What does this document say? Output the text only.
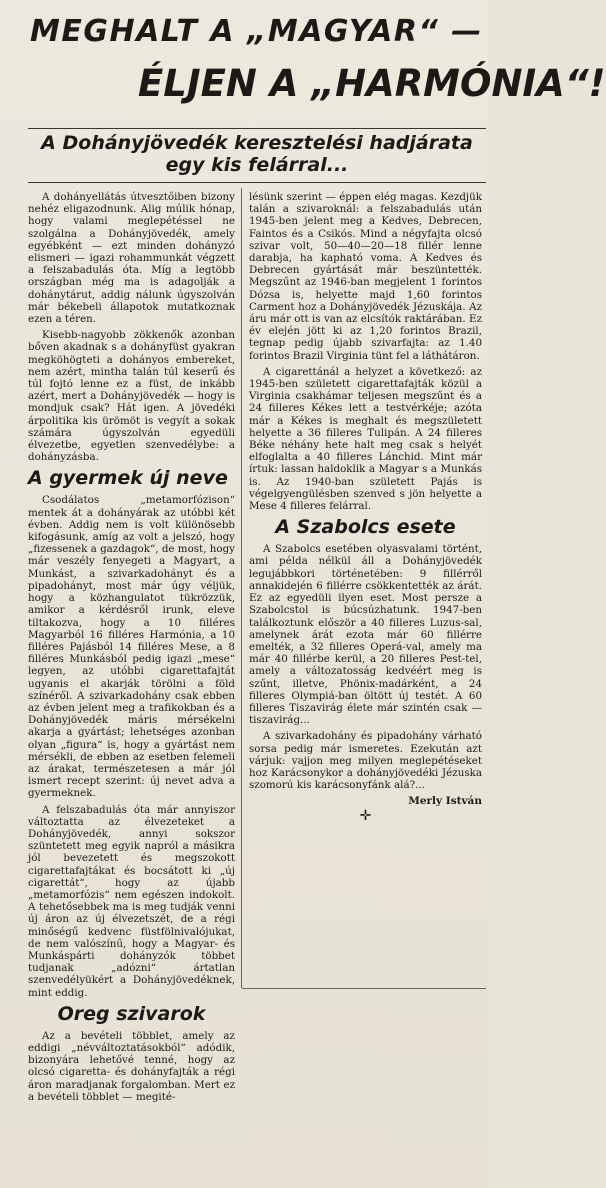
MEGHALT A „MAGYAR“ —
ÉLJEN A „HARMÓNIA“!
A Dohányjövedék keresztelési hadjárata egy kis felárral...

A dohányellátás útvesztőiben bizony nehéz eligazodnunk. Alig múlik hónap, hogy valami meglepétéssel ne szolgálna a Dohányjövedék, amely egyébként — ezt minden dohányzó elismeri — igazi rohammunkát végzett a felszabadulás óta. Míg a legtöbb országban még ma is adagolják a dohánytárut, addig nálunk úgyszolván már békebeli állapotok mutatkoznak ezen a téren.

Kisebb-nagyobb zökkenők azonban bőven akadnak s a dohányfüst gyakran megköhögteti a dohányos embereket, nem azért, mintha talán túl keserű és túl fojtó lenne ez a füst, de inkább azért, mert a Dohányjövedék — hogy is mondjuk csak? Hát igen. A jövedéki árpolitika kis ürömöt is vegyít a sokak számára úgyszolván egyedüli élvezetbe, egyetlen szenvedélybe: a dohányzásba.

A gyermek új neve

Csodálatos „metamorfózison“ mentek át a dohányárak az utóbbi két évben. Addig nem is volt különösebb kifogásunk, amíg az volt a jelszó, hogy „fizessenek a gazdagok“, de most, hogy már veszély fenyegeti a Magyart, a Munkást, a szivarkadohányt és a pipadohányt, most már úgy véljük, hogy a közhangulatot tükrözzük, amikor a kérdésről irunk, eleve tiltakozva, hogy a 10 filléres Magyarból 16 filléres Harmónia, a 10 filléres Pajásból 14 filléres Mese, a 8 filléres Munkásból pedig igazi „mese“ legyen, az utóbbi cigarettafajtát ugyanis el akarják törölni a föld színéről. A szivarkadohány csak ebben az évben jelent meg a trafikokban és a Dohányjövedék máris mérsékelni akarja a gyártást; lehetséges azonban olyan „figura“ is, hogy a gyártást nem mérsékli, de ebben az esetben felemeli az árakat, természetesen a már jól ismert recept szerint: új nevet adva a gyermeknek.

A felszabadulás óta már annyiszor változtatta az élvezeteket a Dohányjövedék, annyi sokszor szüntetett meg egyik napról a másikra jól bevezetett és megszokott cigarettafajtákat és bocsátott ki „új cigarettát“, hogy az újabb „metamorfózis“ nem egészen indokolt. A tehetősebbek ma is meg tudják venni új áron az új élvezetszét, de a régi minőségű kedvenc füstfölnivalójukat, de nem valószínű, hogy a Magyar- és Munkáspárti dohányzók többet tudjanak „adózni“ ártatlan szenvedélyükért a Dohányjövedéknek, mint eddig.

Oreg szivarok

Az a bevételi többlet, amely az eddigi „névváltoztatásokból“ adódik, bizonyára lehetővé tenné, hogy az olcsó cigaretta- és dohányfajták a régi áron maradjanak forgalomban. Mert ez a bevételi többlet — megité-

lésünk szerint — éppen elég magas. Kezdjük talán a szivaroknál: a felszabadulás után 1945-ben jelent meg a Kedves, Debrecen, Faintos és a Csikós. Mind a négyfajta olcsó szivar volt, 50—40—20—18 fillér lenne darabja, ha kapható voma. A Kedves és Debrecen gyártását már beszüntették. Megszűnt az 1946-ban megjelent 1 forintos Dózsa is, helyette majd 1,60 forintos Carment hoz a Dohányjövedék Jézuskája. Az áru már ott is van az elcsítók raktárában. Ez év elején jött ki az 1,20 forintos Brazil, tegnap pedig újabb szivarfajta: az 1.40 forintos Brazil Virginia tünt fel a láthátáron.

A cigarettánál a helyzet a következő: az 1945-ben született cigarettafajták közül a Virginia csakhámar teljesen megszűnt és a 24 filleres Kékes lett a testvérkéje; azóta már a Kékes is meghalt és megszületett helyette a 36 filleres Tulipán. A 24 filleres Béke néhány hete halt meg csak s helyét elfoglalta a 40 filleres Lánchid. Mint már írtuk: lassan haldoklik a Magyar s a Munkás is. Az 1940-ban született Pajás is végelgyengülésben szenved s jön helyette a Mese 4 filleres felárral.

A Szabolcs esete

A Szabolcs esetében olyasvalami történt, ami példa nélkül áll a Dohányjövedék legujábbkori történetében: 9 fillérről annakidején 6 fillérre csökkentették az árát. Ez az egyedüli ilyen eset. Most persze a Szabolcstol is búcsúzhatunk. 1947-ben találkoztunk először a 40 filleres Luzus-sal, amelynek árát ezota már 60 fillérre emelték, a 32 filleres Operá-val, amely ma már 40 fillérbe kerül, a 20 filleres Pest-tel, amely a változatosság kedvéért meg is szűnt, illetve, Phönix-madárként, a 24 filleres Olympiá-ban öltött új testét. A 60 filleres Tiszavirág élete már szintén csak — tiszavirág...

A szivarkadohány és pipadohány várható sorsa pedig már ismeretes. Ezekután azt várjuk: vajjon meg milyen meglepétéseket hoz Karácsonykor a dohányjövedéki Jézuska szomorú kis karácsonyfánk alá?...

Merly István
✛
